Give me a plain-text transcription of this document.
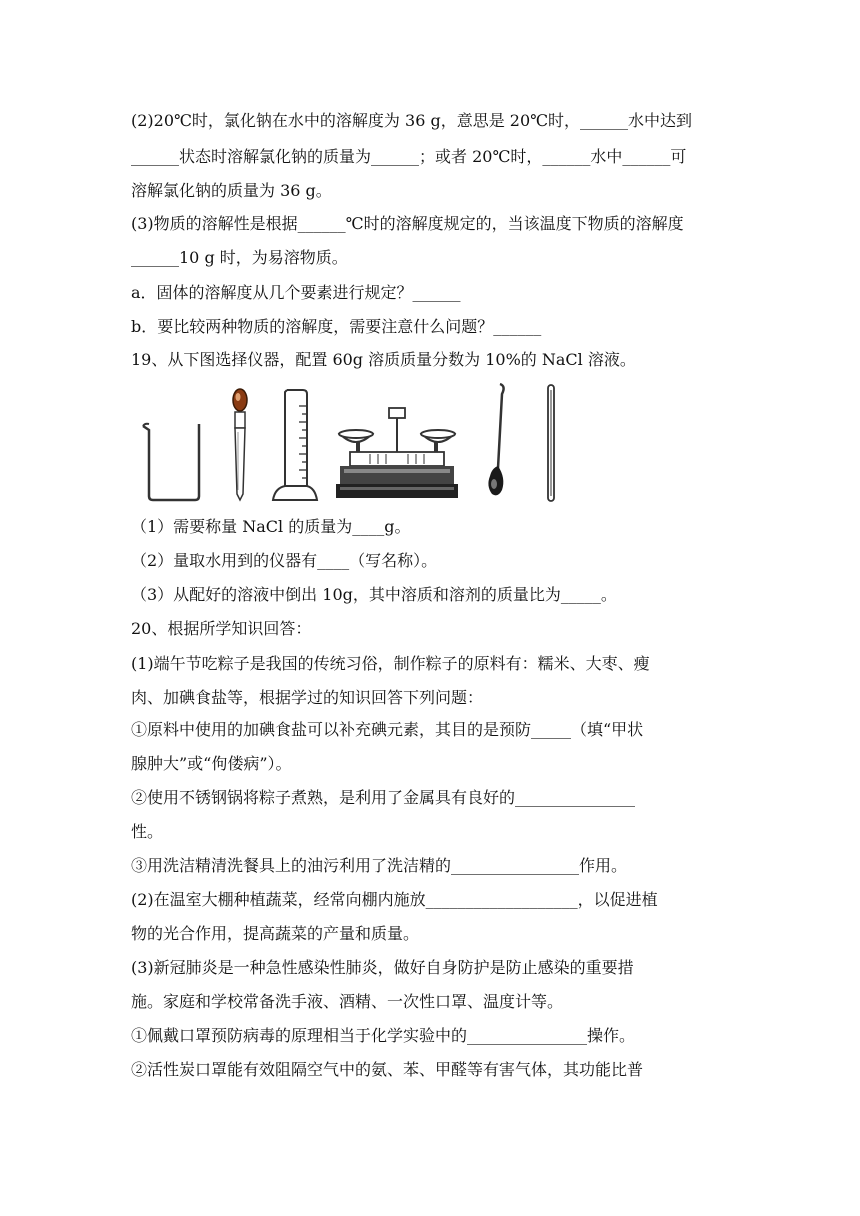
(2)20℃时，氯化钠在水中的溶解度为 36 g，意思是 20℃时，______水中达到
______状态时溶解氯化钠的质量为______；或者 20℃时，______水中______可
溶解氯化钠的质量为 36 g。
(3)物质的溶解性是根据______℃时的溶解度规定的，当该温度下物质的溶解度
______10 g 时，为易溶物质。
a．固体的溶解度从几个要素进行规定？______
b．要比较两种物质的溶解度，需要注意什么问题？______
19、从下图选择仪器，配置 60g 溶质质量分数为 10%的 NaCl 溶液。
（1）需要称量 NaCl 的质量为____g。
（2）量取水用到的仪器有____（写名称）。
（3）从配好的溶液中倒出 10g，其中溶质和溶剂的质量比为_____。
20、根据所学知识回答：
(1)端午节吃粽子是我国的传统习俗，制作粽子的原料有：糯米、大枣、瘦
肉、加碘食盐等，根据学过的知识回答下列问题：
①原料中使用的加碘食盐可以补充碘元素，其目的是预防_____（填“甲状
腺肿大”或“佝偻病”）。
②使用不锈钢锅将粽子煮熟，是利用了金属具有良好的_______________
性。
③用洗洁精清洗餐具上的油污利用了洗洁精的________________作用。
(2)在温室大棚种植蔬菜，经常向棚内施放___________________，以促进植
物的光合作用，提高蔬菜的产量和质量。
(3)新冠肺炎是一种急性感染性肺炎，做好自身防护是防止感染的重要措
施。家庭和学校常备洗手液、酒精、一次性口罩、温度计等。
①佩戴口罩预防病毒的原理相当于化学实验中的_______________操作。
②活性炭口罩能有效阻隔空气中的氨、苯、甲醛等有害气体，其功能比普
